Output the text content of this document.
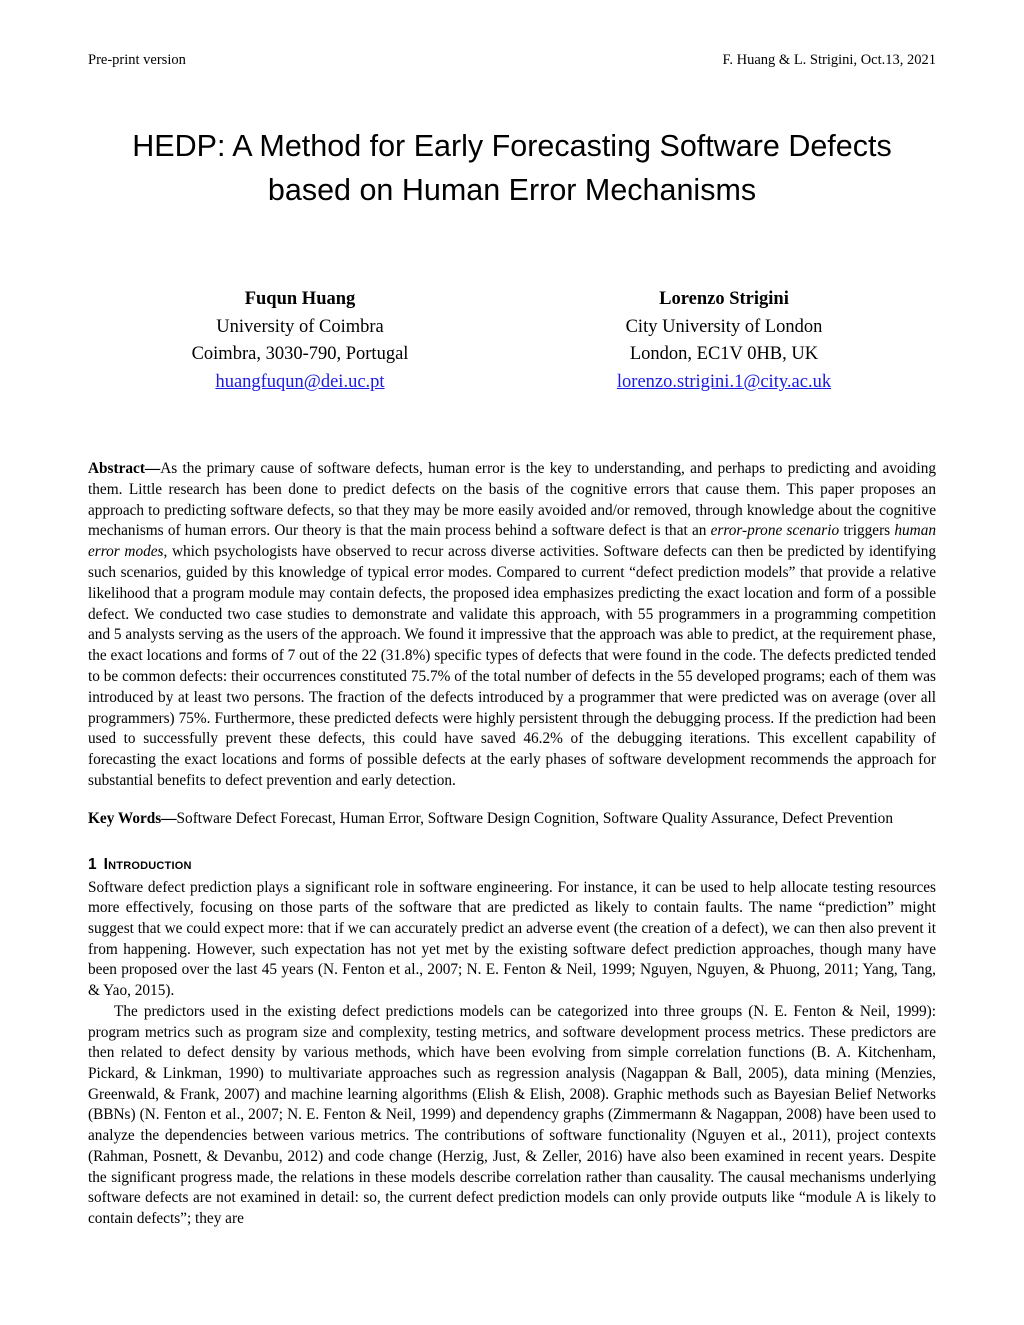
Pre-print version	F. Huang & L. Strigini, Oct.13, 2021
HEDP: A Method for Early Forecasting Software Defects based on Human Error Mechanisms
Fuqun Huang
University of Coimbra
Coimbra, 3030-790, Portugal
huangfuqun@dei.uc.pt
Lorenzo Strigini
City University of London
London, EC1V 0HB, UK
lorenzo.strigini.1@city.ac.uk
Abstract—As the primary cause of software defects, human error is the key to understanding, and perhaps to predicting and avoiding them. Little research has been done to predict defects on the basis of the cognitive errors that cause them. This paper proposes an approach to predicting software defects, so that they may be more easily avoided and/or removed, through knowledge about the cognitive mechanisms of human errors. Our theory is that the main process behind a software defect is that an error-prone scenario triggers human error modes, which psychologists have observed to recur across diverse activities. Software defects can then be predicted by identifying such scenarios, guided by this knowledge of typical error modes. Compared to current “defect prediction models” that provide a relative likelihood that a program module may contain defects, the proposed idea emphasizes predicting the exact location and form of a possible defect. We conducted two case studies to demonstrate and validate this approach, with 55 programmers in a programming competition and 5 analysts serving as the users of the approach. We found it impressive that the approach was able to predict, at the requirement phase, the exact locations and forms of 7 out of the 22 (31.8%) specific types of defects that were found in the code. The defects predicted tended to be common defects: their occurrences constituted 75.7% of the total number of defects in the 55 developed programs; each of them was introduced by at least two persons. The fraction of the defects introduced by a programmer that were predicted was on average (over all programmers) 75%. Furthermore, these predicted defects were highly persistent through the debugging process. If the prediction had been used to successfully prevent these defects, this could have saved 46.2% of the debugging iterations. This excellent capability of forecasting the exact locations and forms of possible defects at the early phases of software development recommends the approach for substantial benefits to defect prevention and early detection.
Key Words—Software Defect Forecast, Human Error, Software Design Cognition, Software Quality Assurance, Defect Prevention
1 Introduction

Software defect prediction plays a significant role in software engineering. For instance, it can be used to help allocate testing resources more effectively, focusing on those parts of the software that are predicted as likely to contain faults. The name “prediction” might suggest that we could expect more: that if we can accurately predict an adverse event (the creation of a defect), we can then also prevent it from happening. However, such expectation has not yet met by the existing software defect prediction approaches, though many have been proposed over the last 45 years (N. Fenton et al., 2007; N. E. Fenton & Neil, 1999; Nguyen, Nguyen, & Phuong, 2011; Yang, Tang, & Yao, 2015).

The predictors used in the existing defect predictions models can be categorized into three groups (N. E. Fenton & Neil, 1999): program metrics such as program size and complexity, testing metrics, and software development process metrics. These predictors are then related to defect density by various methods, which have been evolving from simple correlation functions (B. A. Kitchenham, Pickard, & Linkman, 1990) to multivariate approaches such as regression analysis (Nagappan & Ball, 2005), data mining (Menzies, Greenwald, & Frank, 2007) and machine learning algorithms (Elish & Elish, 2008). Graphic methods such as Bayesian Belief Networks (BBNs) (N. Fenton et al., 2007; N. E. Fenton & Neil, 1999) and dependency graphs (Zimmermann & Nagappan, 2008) have been used to analyze the dependencies between various metrics. The contributions of software functionality (Nguyen et al., 2011), project contexts (Rahman, Posnett, & Devanbu, 2012) and code change (Herzig, Just, & Zeller, 2016) have also been examined in recent years. Despite the significant progress made, the relations in these models describe correlation rather than causality. The causal mechanisms underlying software defects are not examined in detail: so, the current defect prediction models can only provide outputs like “module A is likely to contain defects”; they are
